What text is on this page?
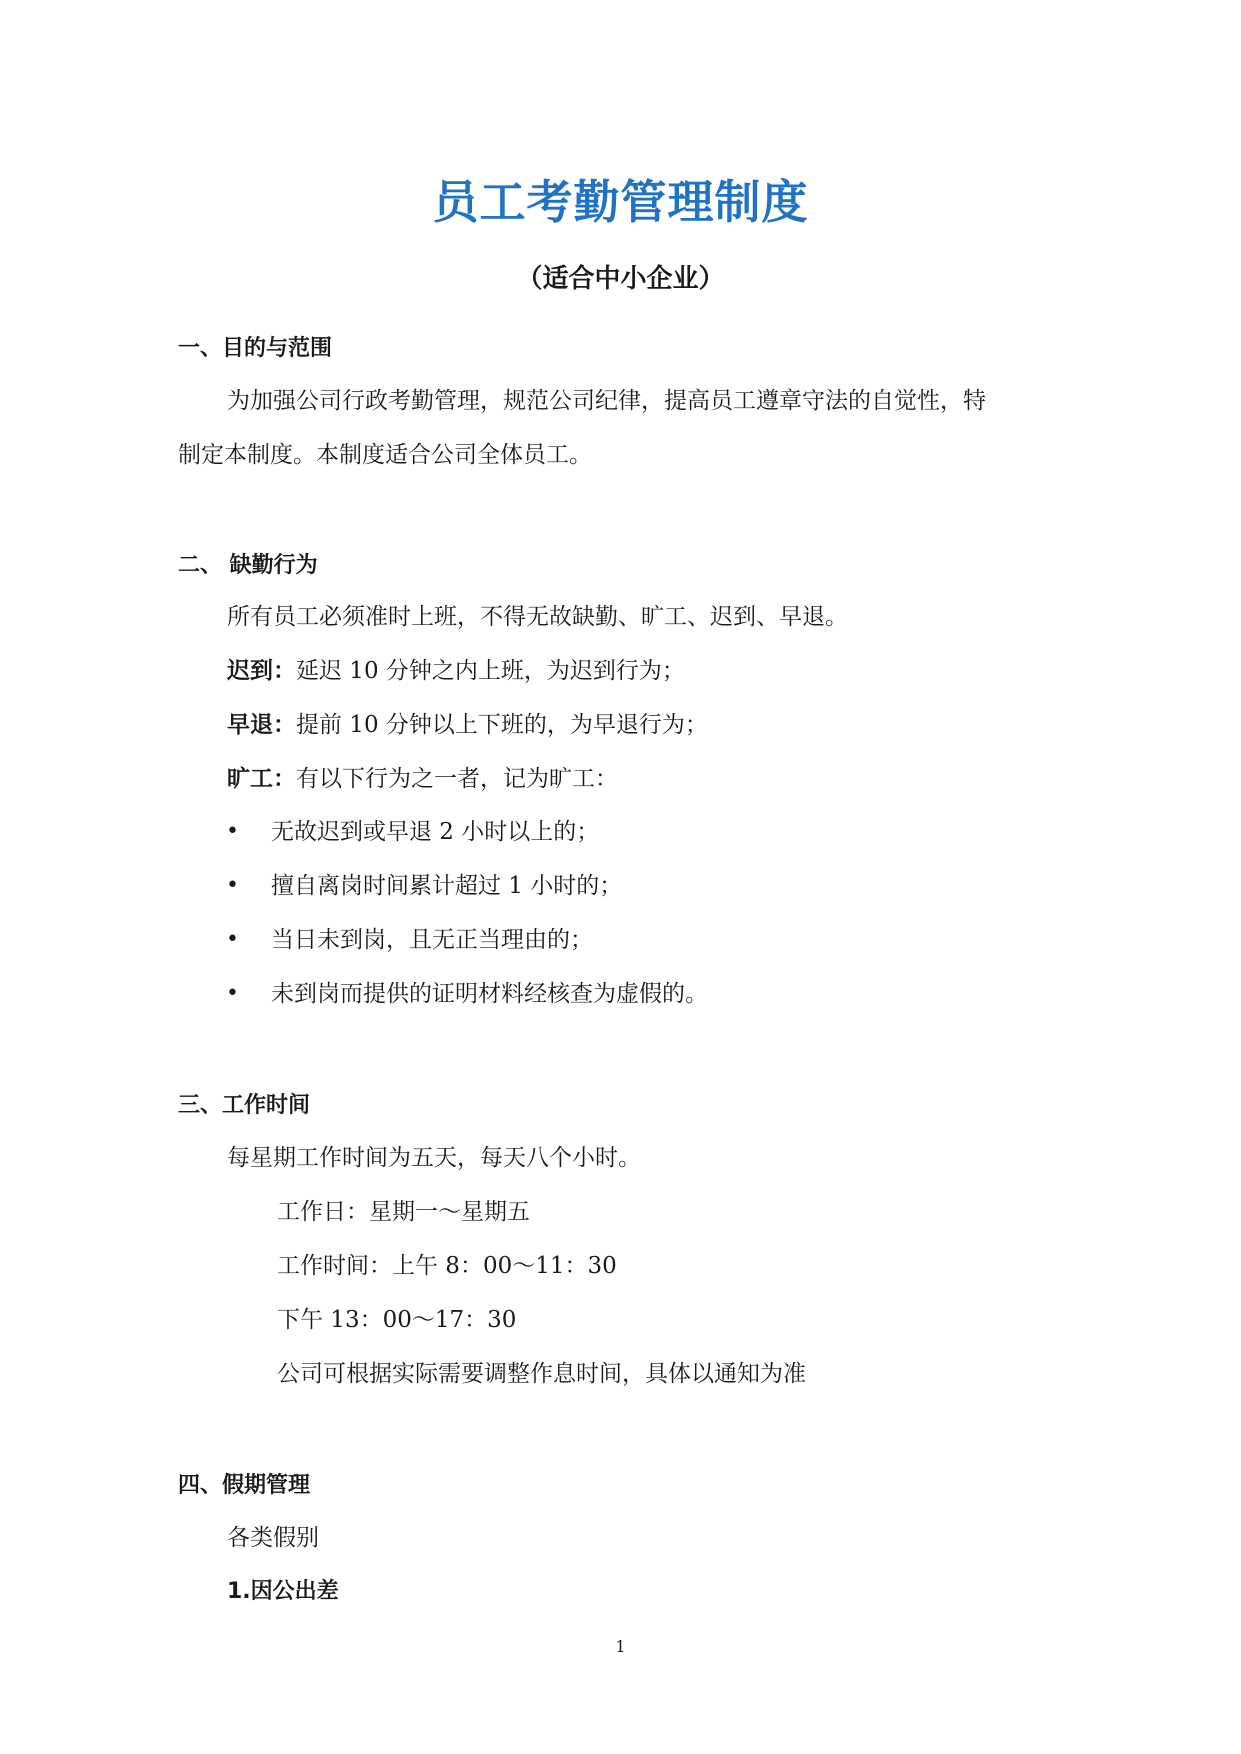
员工考勤管理制度
（适合中小企业）
一、目的与范围
为加强公司行政考勤管理，规范公司纪律，提高员工遵章守法的自觉性，特
制定本制度。本制度适合公司全体员工。
二、 缺勤行为
所有员工必须准时上班，不得无故缺勤、旷工、迟到、早退。
迟到：延迟 10 分钟之内上班，为迟到行为；
早退：提前 10 分钟以上下班的，为早退行为；
旷工：有以下行为之一者，记为旷工：
• 无故迟到或早退 2 小时以上的；
• 擅自离岗时间累计超过 1 小时的；
• 当日未到岗，且无正当理由的；
• 未到岗而提供的证明材料经核查为虚假的。
三、工作时间
每星期工作时间为五天，每天八个小时。
工作日：星期一～星期五
工作时间：上午 8：00～11：30
下午 13：00～17：30
公司可根据实际需要调整作息时间，具体以通知为准
四、假期管理
各类假别
1.因公出差
1
